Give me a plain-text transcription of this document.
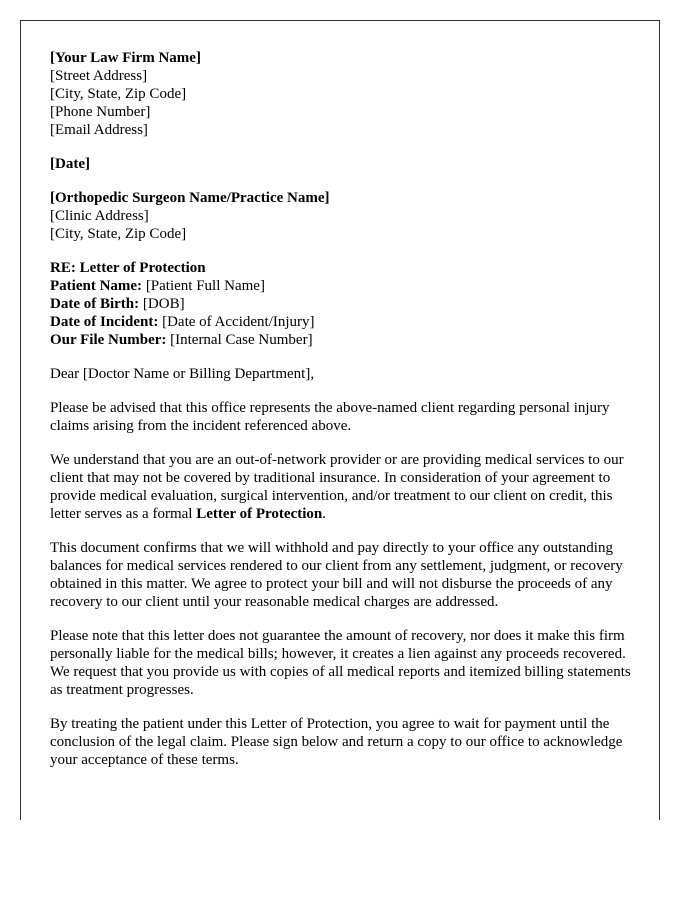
[Your Law Firm Name]
[Street Address]
[City, State, Zip Code]
[Phone Number]
[Email Address]
[Date]
[Orthopedic Surgeon Name/Practice Name]
[Clinic Address]
[City, State, Zip Code]
RE: Letter of Protection
Patient Name: [Patient Full Name]
Date of Birth: [DOB]
Date of Incident: [Date of Accident/Injury]
Our File Number: [Internal Case Number]

Dear [Doctor Name or Billing Department],

Please be advised that this office represents the above-named client regarding personal injury claims arising from the incident referenced above.

We understand that you are an out-of-network provider or are providing medical services to our client that may not be covered by traditional insurance. In consideration of your agreement to provide medical evaluation, surgical intervention, and/or treatment to our client on credit, this letter serves as a formal Letter of Protection.

This document confirms that we will withhold and pay directly to your office any outstanding balances for medical services rendered to our client from any settlement, judgment, or recovery obtained in this matter. We agree to protect your bill and will not disburse the proceeds of any recovery to our client until your reasonable medical charges are addressed.

Please note that this letter does not guarantee the amount of recovery, nor does it make this firm personally liable for the medical bills; however, it creates a lien against any proceeds recovered. We request that you provide us with copies of all medical reports and itemized billing statements as treatment progresses.

By treating the patient under this Letter of Protection, you agree to wait for payment until the conclusion of the legal claim. Please sign below and return a copy to our office to acknowledge your acceptance of these terms.
